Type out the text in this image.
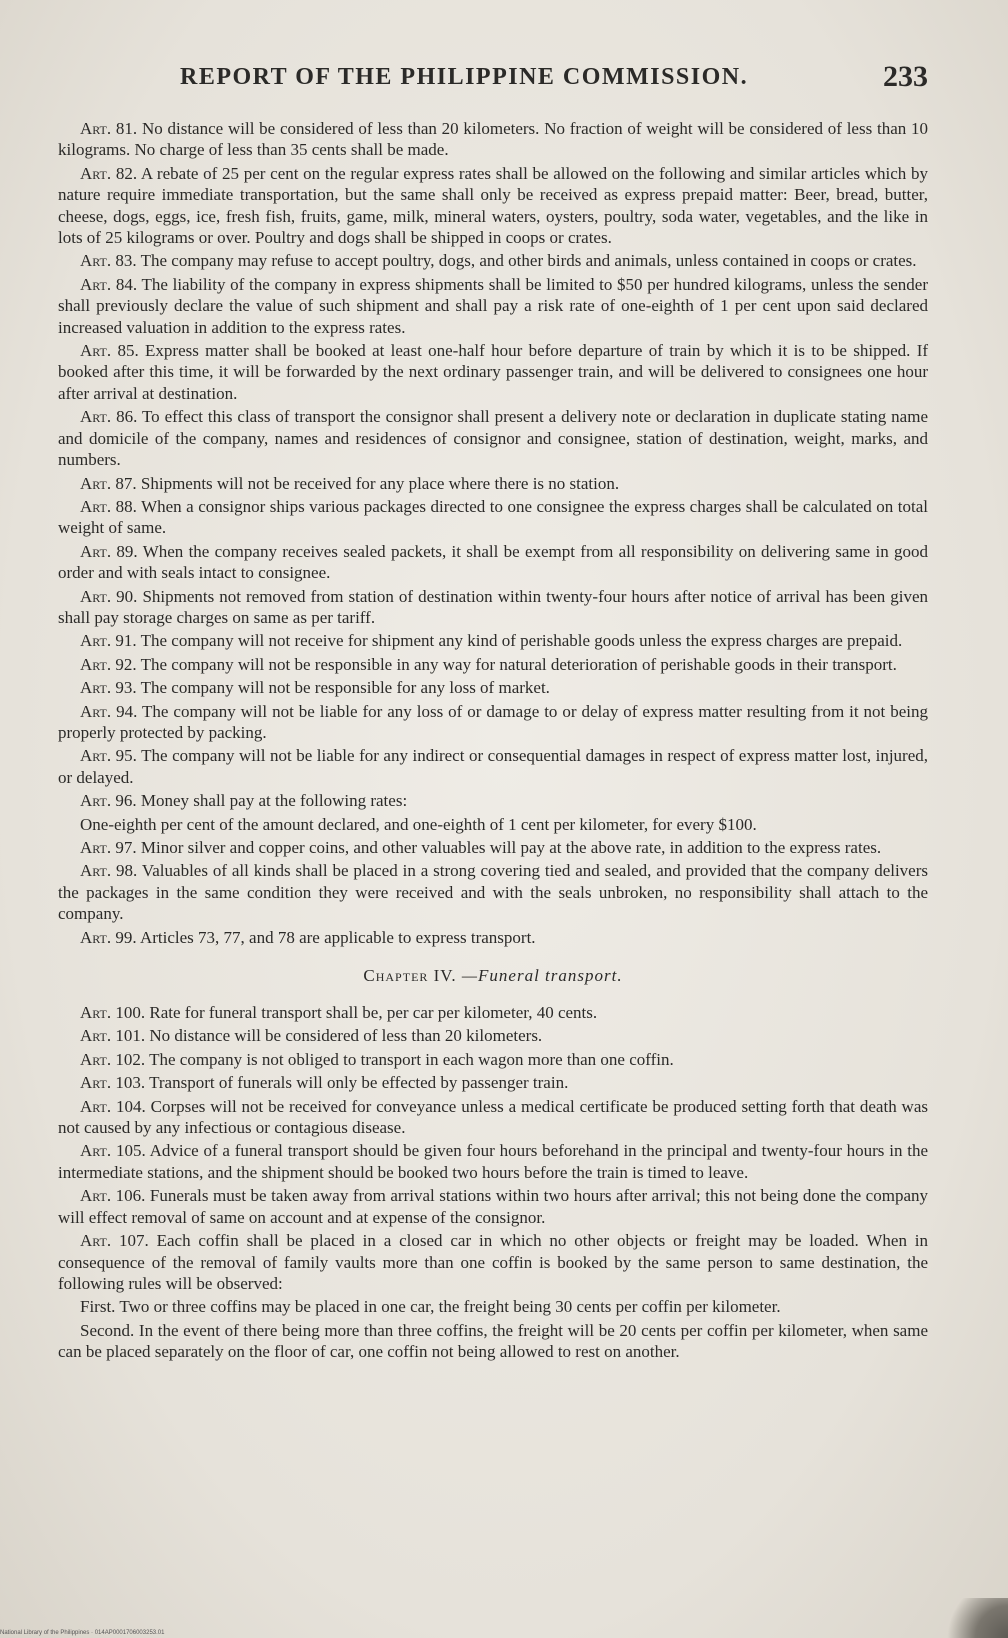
REPORT OF THE PHILIPPINE COMMISSION.	233

Art. 81. No distance will be considered of less than 20 kilometers. No fraction of weight will be considered of less than 10 kilograms. No charge of less than 35 cents shall be made.

Art. 82. A rebate of 25 per cent on the regular express rates shall be allowed on the following and similar articles which by nature require immediate transportation, but the same shall only be received as express prepaid matter: Beer, bread, butter, cheese, dogs, eggs, ice, fresh fish, fruits, game, milk, mineral waters, oysters, poultry, soda water, vegetables, and the like in lots of 25 kilograms or over. Poultry and dogs shall be shipped in coops or crates.

Art. 83. The company may refuse to accept poultry, dogs, and other birds and animals, unless contained in coops or crates.

Art. 84. The liability of the company in express shipments shall be limited to $50 per hundred kilograms, unless the sender shall previously declare the value of such shipment and shall pay a risk rate of one-eighth of 1 per cent upon said declared increased valuation in addition to the express rates.

Art. 85. Express matter shall be booked at least one-half hour before departure of train by which it is to be shipped. If booked after this time, it will be forwarded by the next ordinary passenger train, and will be delivered to consignees one hour after arrival at destination.

Art. 86. To effect this class of transport the consignor shall present a delivery note or declaration in duplicate stating name and domicile of the company, names and residences of consignor and consignee, station of destination, weight, marks, and numbers.

Art. 87. Shipments will not be received for any place where there is no station.

Art. 88. When a consignor ships various packages directed to one consignee the express charges shall be calculated on total weight of same.

Art. 89. When the company receives sealed packets, it shall be exempt from all responsibility on delivering same in good order and with seals intact to consignee.

Art. 90. Shipments not removed from station of destination within twenty-four hours after notice of arrival has been given shall pay storage charges on same as per tariff.

Art. 91. The company will not receive for shipment any kind of perishable goods unless the express charges are prepaid.

Art. 92. The company will not be responsible in any way for natural deterioration of perishable goods in their transport.

Art. 93. The company will not be responsible for any loss of market.

Art. 94. The company will not be liable for any loss of or damage to or delay of express matter resulting from it not being properly protected by packing.

Art. 95. The company will not be liable for any indirect or consequential damages in respect of express matter lost, injured, or delayed.

Art. 96. Money shall pay at the following rates:

One-eighth per cent of the amount declared, and one-eighth of 1 cent per kilometer, for every $100.

Art. 97. Minor silver and copper coins, and other valuables will pay at the above rate, in addition to the express rates.

Art. 98. Valuables of all kinds shall be placed in a strong covering tied and sealed, and provided that the company delivers the packages in the same condition they were received and with the seals unbroken, no responsibility shall attach to the company.

Art. 99. Articles 73, 77, and 78 are applicable to express transport.

Chapter IV. —Funeral transport.

Art. 100. Rate for funeral transport shall be, per car per kilometer, 40 cents.

Art. 101. No distance will be considered of less than 20 kilometers.

Art. 102. The company is not obliged to transport in each wagon more than one coffin.

Art. 103. Transport of funerals will only be effected by passenger train.

Art. 104. Corpses will not be received for conveyance unless a medical certificate be produced setting forth that death was not caused by any infectious or contagious disease.

Art. 105. Advice of a funeral transport should be given four hours beforehand in the principal and twenty-four hours in the intermediate stations, and the shipment should be booked two hours before the train is timed to leave.

Art. 106. Funerals must be taken away from arrival stations within two hours after arrival; this not being done the company will effect removal of same on account and at expense of the consignor.

Art. 107. Each coffin shall be placed in a closed car in which no other objects or freight may be loaded. When in consequence of the removal of family vaults more than one coffin is booked by the same person to same destination, the following rules will be observed:

First. Two or three coffins may be placed in one car, the freight being 30 cents per coffin per kilometer.

Second. In the event of there being more than three coffins, the freight will be 20 cents per coffin per kilometer, when same can be placed separately on the floor of car, one coffin not being allowed to rest on another.

National Library of the Philippines · 014AP0001706003253.01
